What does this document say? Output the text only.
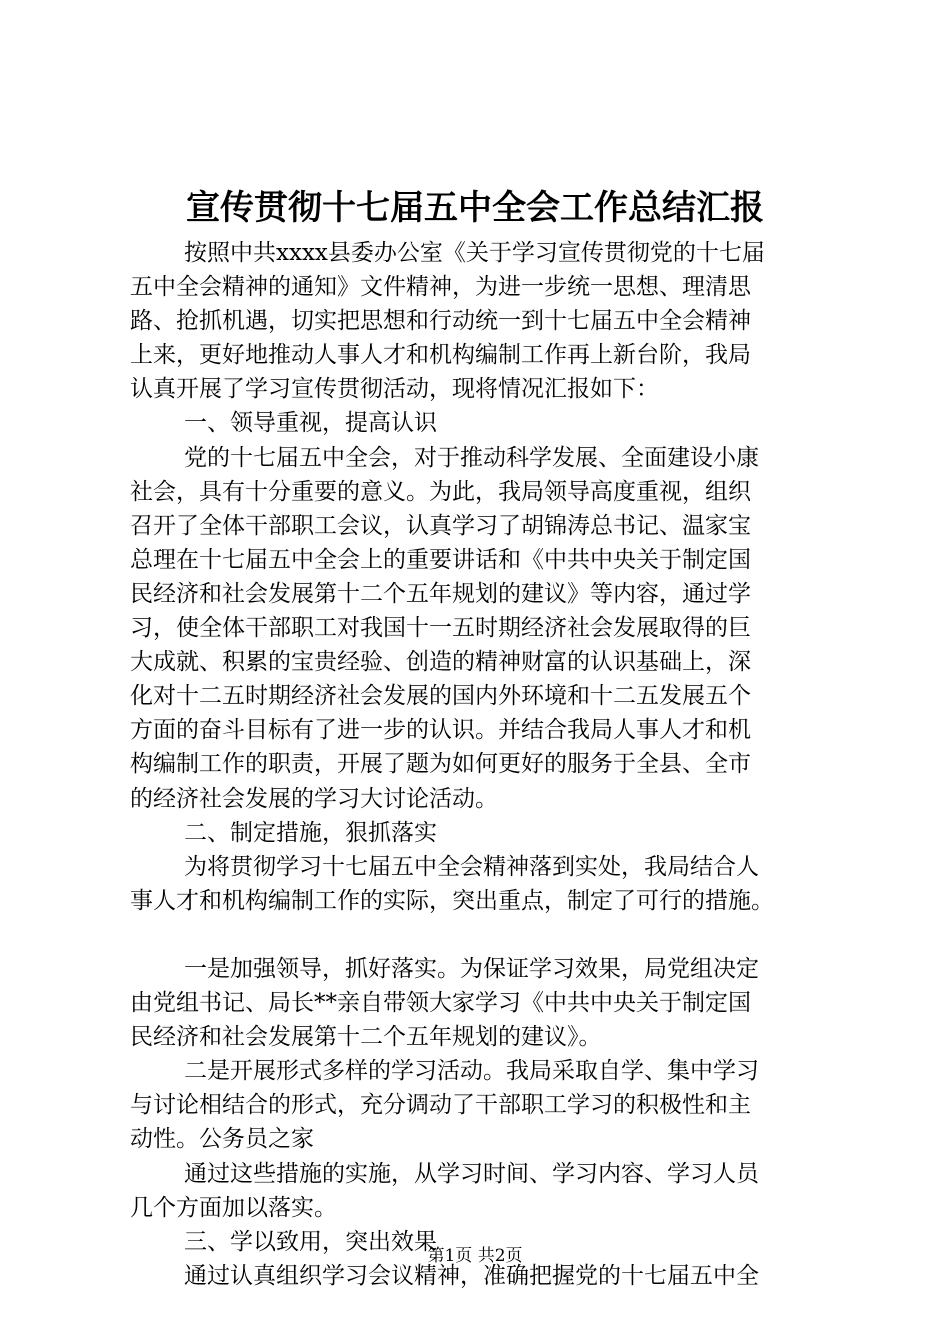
宣传贯彻十七届五中全会工作总结汇报
按照中共xxxx县委办公室《关于学习宣传贯彻党的十七届
五中全会精神的通知》文件精神，为进一步统一思想、理清思
路、抢抓机遇，切实把思想和行动统一到十七届五中全会精神
上来，更好地推动人事人才和机构编制工作再上新台阶，我局
认真开展了学习宣传贯彻活动，现将情况汇报如下：
一、领导重视，提高认识
党的十七届五中全会，对于推动科学发展、全面建设小康
社会，具有十分重要的意义。为此，我局领导高度重视，组织
召开了全体干部职工会议，认真学习了胡锦涛总书记、温家宝
总理在十七届五中全会上的重要讲话和《中共中央关于制定国
民经济和社会发展第十二个五年规划的建议》等内容，通过学
习，使全体干部职工对我国十一五时期经济社会发展取得的巨
大成就、积累的宝贵经验、创造的精神财富的认识基础上，深
化对十二五时期经济社会发展的国内外环境和十二五发展五个
方面的奋斗目标有了进一步的认识。并结合我局人事人才和机
构编制工作的职责，开展了题为如何更好的服务于全县、全市
的经济社会发展的学习大讨论活动。
二、制定措施，狠抓落实
为将贯彻学习十七届五中全会精神落到实处，我局结合人
事人才和机构编制工作的实际，突出重点，制定了可行的措施。
一是加强领导，抓好落实。为保证学习效果，局党组决定
由党组书记、局长**亲自带领大家学习《中共中央关于制定国
民经济和社会发展第十二个五年规划的建议》。
二是开展形式多样的学习活动。我局采取自学、集中学习
与讨论相结合的形式，充分调动了干部职工学习的积极性和主
动性。公务员之家
通过这些措施的实施，从学习时间、学习内容、学习人员
几个方面加以落实。
三、学以致用，突出效果
通过认真组织学习会议精神，准确把握党的十七届五中全
第1页 共2页
